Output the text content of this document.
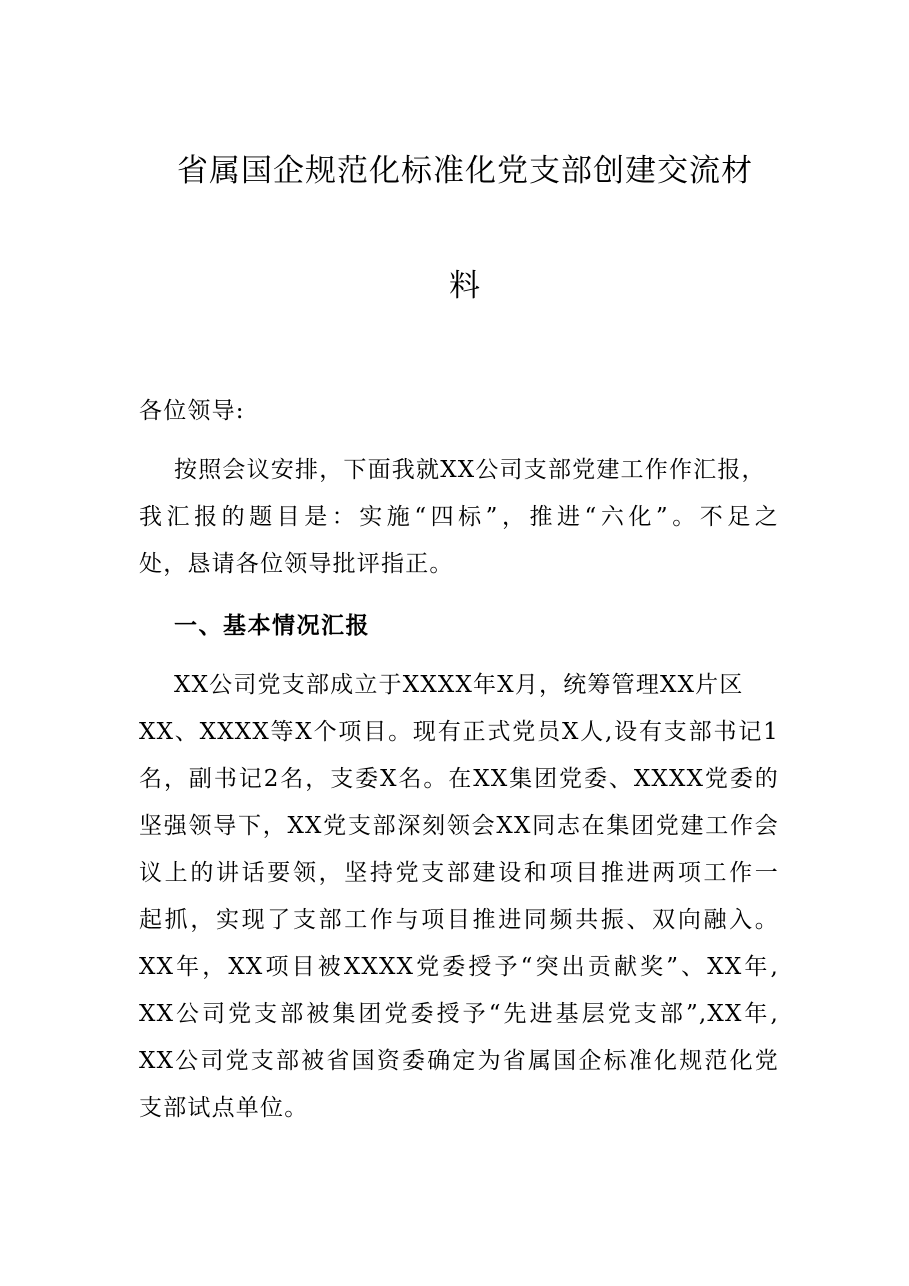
省属国企规范化标准化党支部创建交流材
料
各位领导:
按照会议安排，下面我就XX公司支部党建工作作汇报，
我汇报的题目是：实施“四标”，推进“六化”。不足之
处，恳请各位领导批评指正。
一、基本情况汇报
XX公司党支部成立于XXXX年X月，统筹管理XX片区
XX、XXXX等X个项目。现有正式党员X人,设有支部书记1
名，副书记2名，支委X名。在XX集团党委、XXXX党委的
坚强领导下，XX党支部深刻领会XX同志在集团党建工作会
议上的讲话要领，坚持党支部建设和项目推进两项工作一
起抓，实现了支部工作与项目推进同频共振、双向融入。
XX年，XX项目被XXXX党委授予“突出贡献奖”、XX年,
XX公司党支部被集团党委授予“先进基层党支部”,XX年,
XX公司党支部被省国资委确定为省属国企标准化规范化党
支部试点单位。
